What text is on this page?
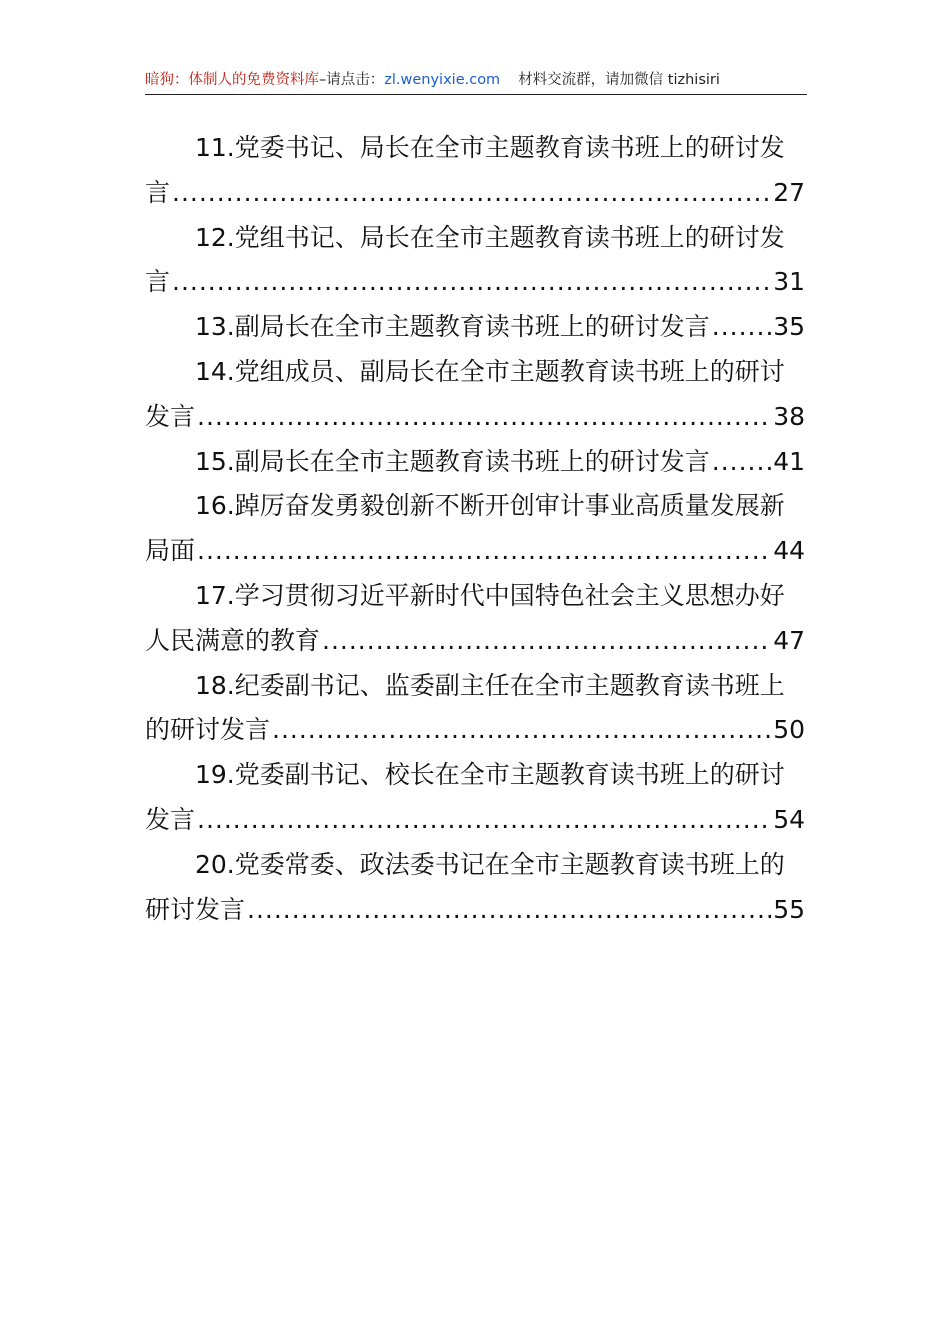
暗狗：体制人的免费资料库–请点击：zl.wenyixie.com 材料交流群，请加微信 tizhisiri
11.党委书记、局长在全市主题教育读书班上的研讨发
言 .....	27
12.党组书记、局长在全市主题教育读书班上的研讨发
言 .....	31
13.副局长在全市主题教育读书班上的研讨发言 .....	35
14.党组成员、副局长在全市主题教育读书班上的研讨
发言 .....	38
15.副局长在全市主题教育读书班上的研讨发言 .....	41
16.踔厉奋发勇毅创新不断开创审计事业高质量发展新
局面 .....	44
17.学习贯彻习近平新时代中国特色社会主义思想办好
人民满意的教育 .....	47
18.纪委副书记、监委副主任在全市主题教育读书班上
的研讨发言 .....	50
19.党委副书记、校长在全市主题教育读书班上的研讨
发言 .....	54
20.党委常委、政法委书记在全市主题教育读书班上的
研讨发言 .....	55
